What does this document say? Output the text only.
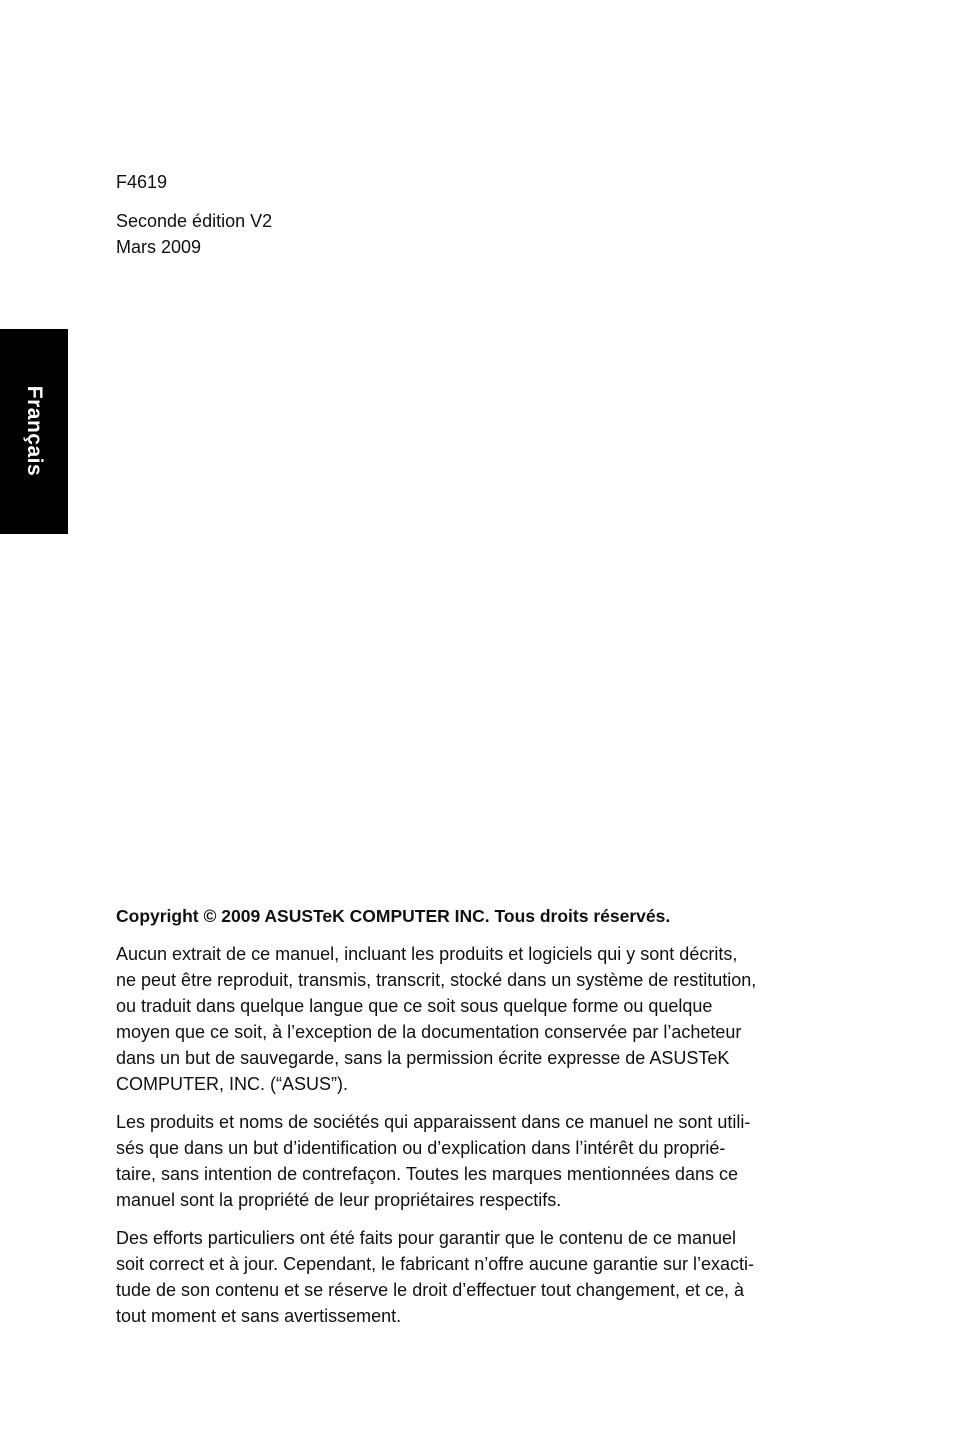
Français
F4619
Seconde édition V2
Mars 2009

Copyright © 2009 ASUSTeK COMPUTER INC. Tous droits réservés.

Aucun extrait de ce manuel, incluant les produits et logiciels qui y sont décrits,
ne peut être reproduit, transmis, transcrit, stocké dans un système de restitution,
ou traduit dans quelque langue que ce soit sous quelque forme ou quelque
moyen que ce soit, à l’exception de la documentation conservée par l’acheteur
dans un but de sauvegarde, sans la permission écrite expresse de ASUSTeK
COMPUTER, INC. (“ASUS”).

Les produits et noms de sociétés qui apparaissent dans ce manuel ne sont utili-
sés que dans un but d’identification ou d’explication dans l’intérêt du proprié-
taire, sans intention de contrefaçon. Toutes les marques mentionnées dans ce
manuel sont la propriété de leur propriétaires respectifs.

Des efforts particuliers ont été faits pour garantir que le contenu de ce manuel
soit correct et à jour. Cependant, le fabricant n’offre aucune garantie sur l’exacti-
tude de son contenu et se réserve le droit d’effectuer tout changement, et ce, à
tout moment et sans avertissement.
